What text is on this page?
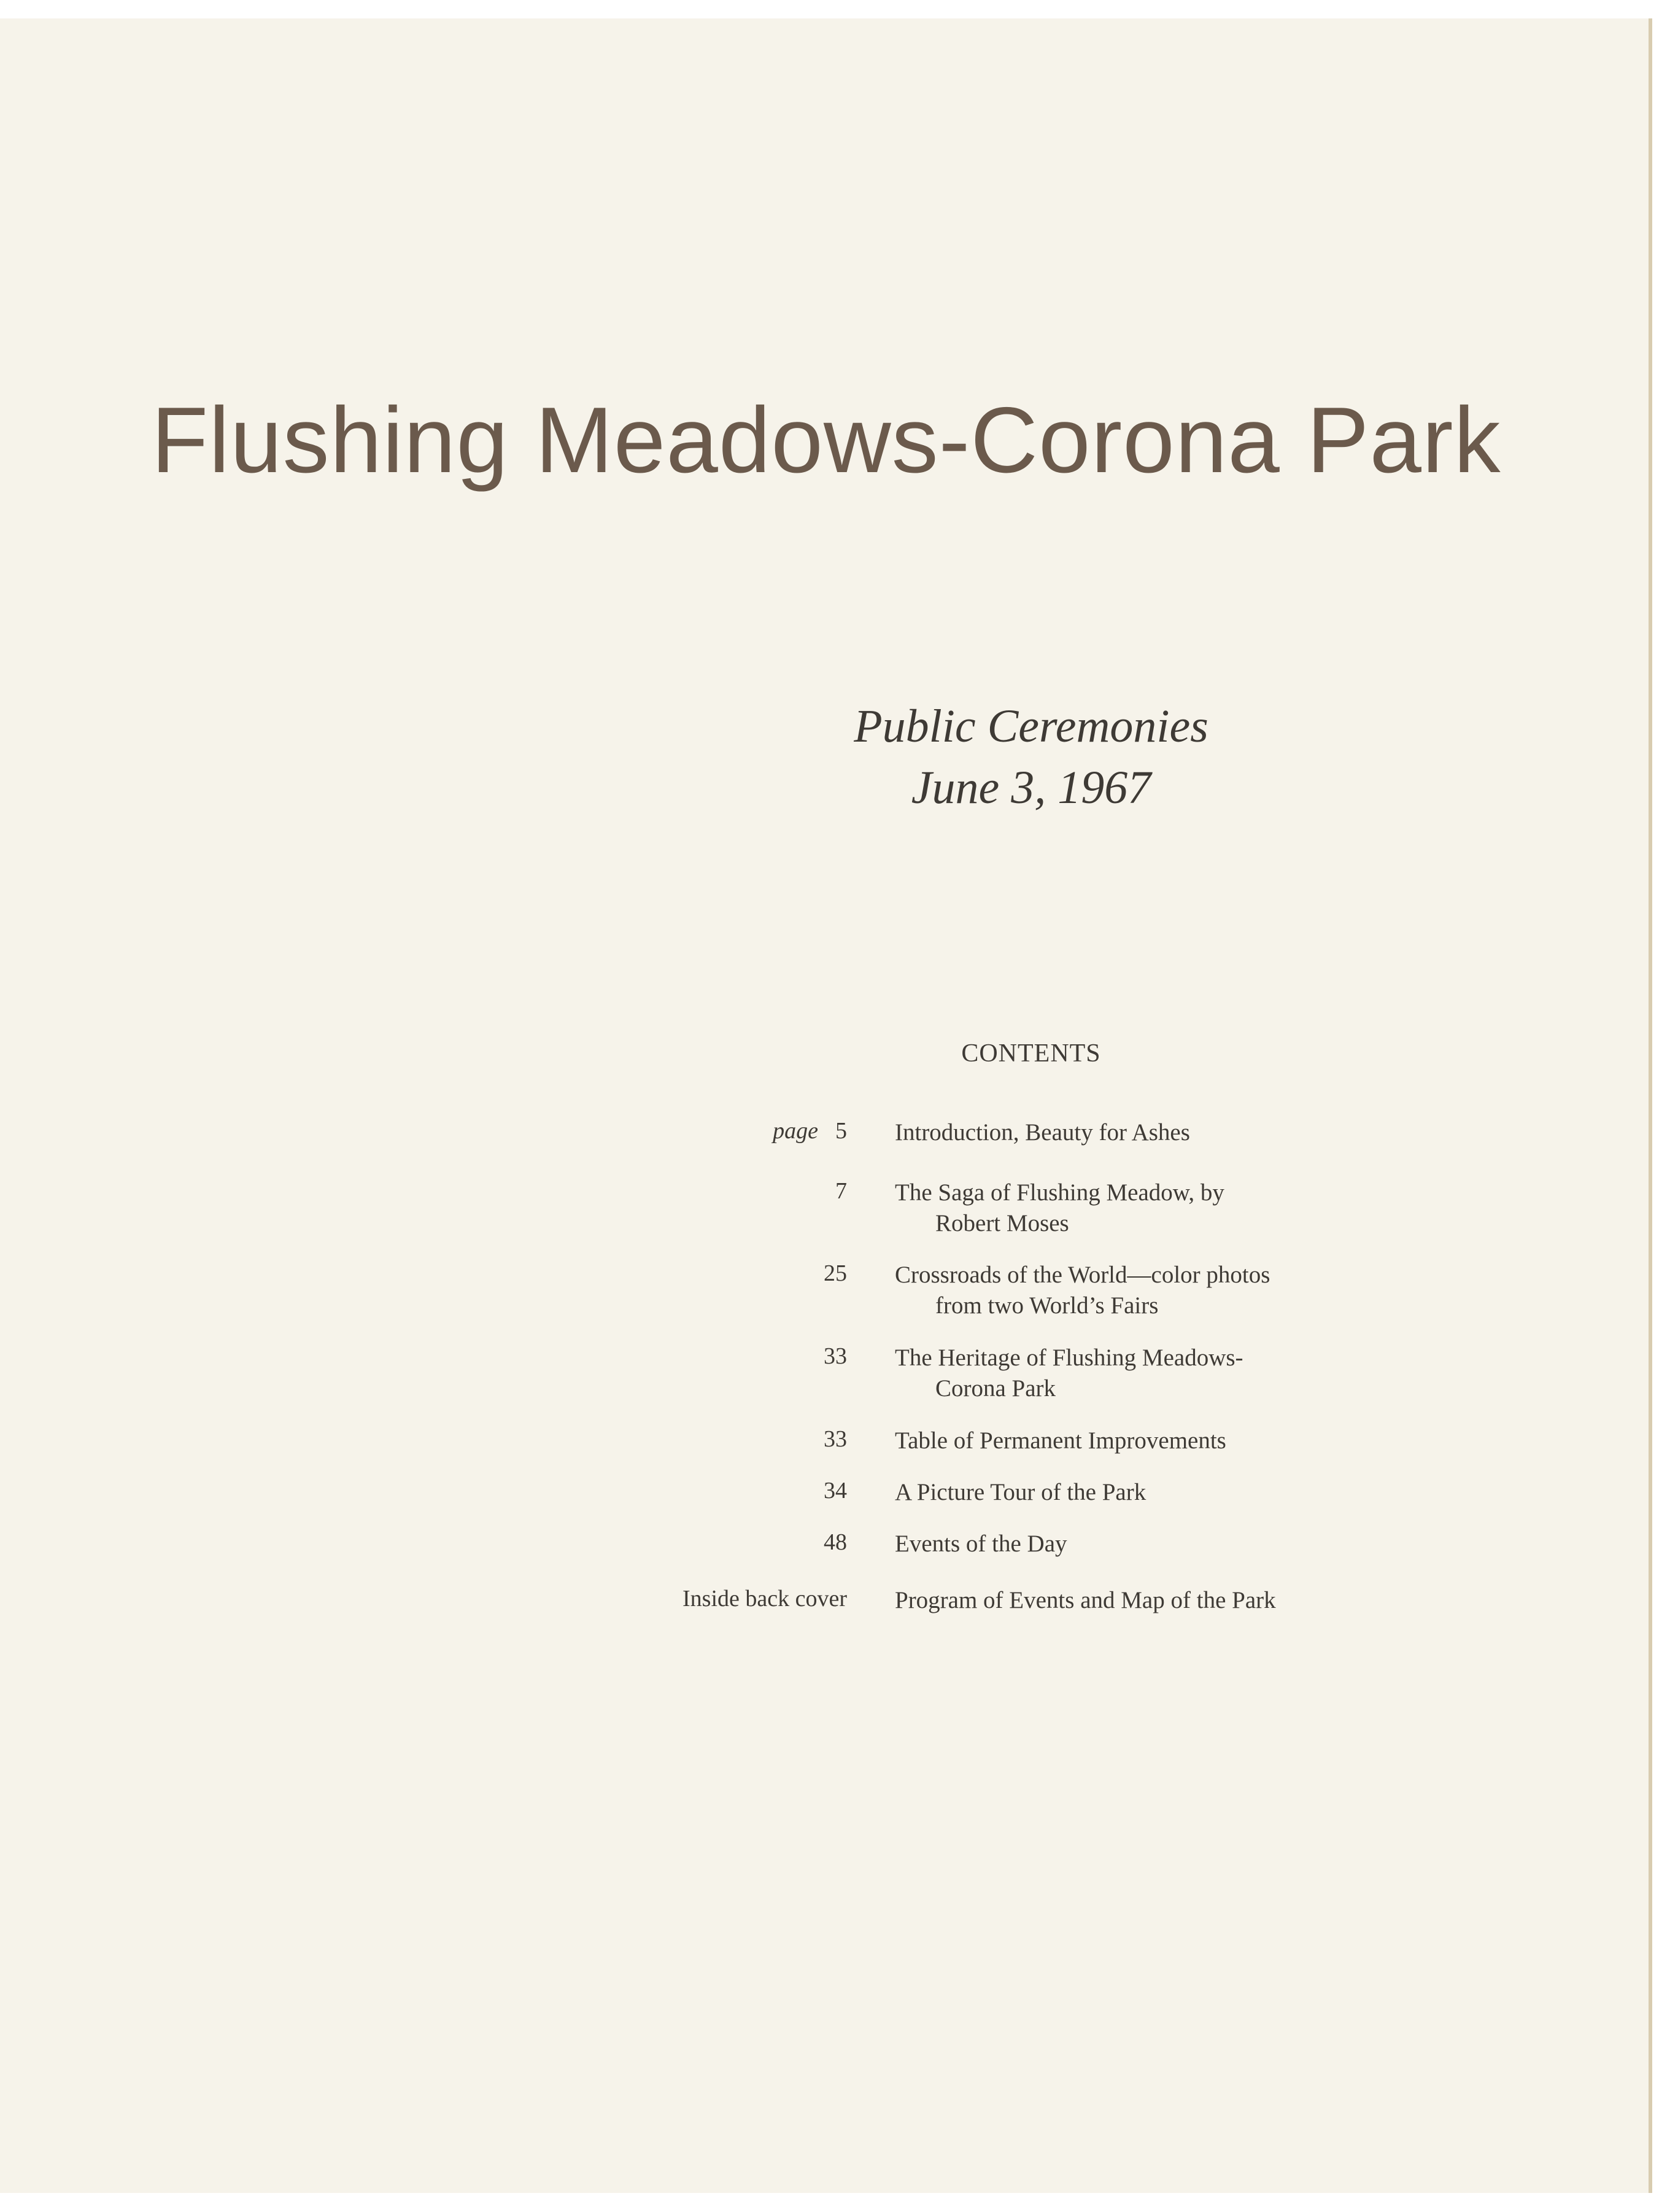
Flushing Meadows-Corona Park
Public Ceremonies
June 3, 1967
CONTENTS
page 5 Introduction, Beauty for Ashes
7 The Saga of Flushing Meadow, by
Robert Moses
25 Crossroads of the World—color photos
from two World’s Fairs
33 The Heritage of Flushing Meadows-
Corona Park
33 Table of Permanent Improvements
34 A Picture Tour of the Park
48 Events of the Day
Inside back cover Program of Events and Map of the Park
